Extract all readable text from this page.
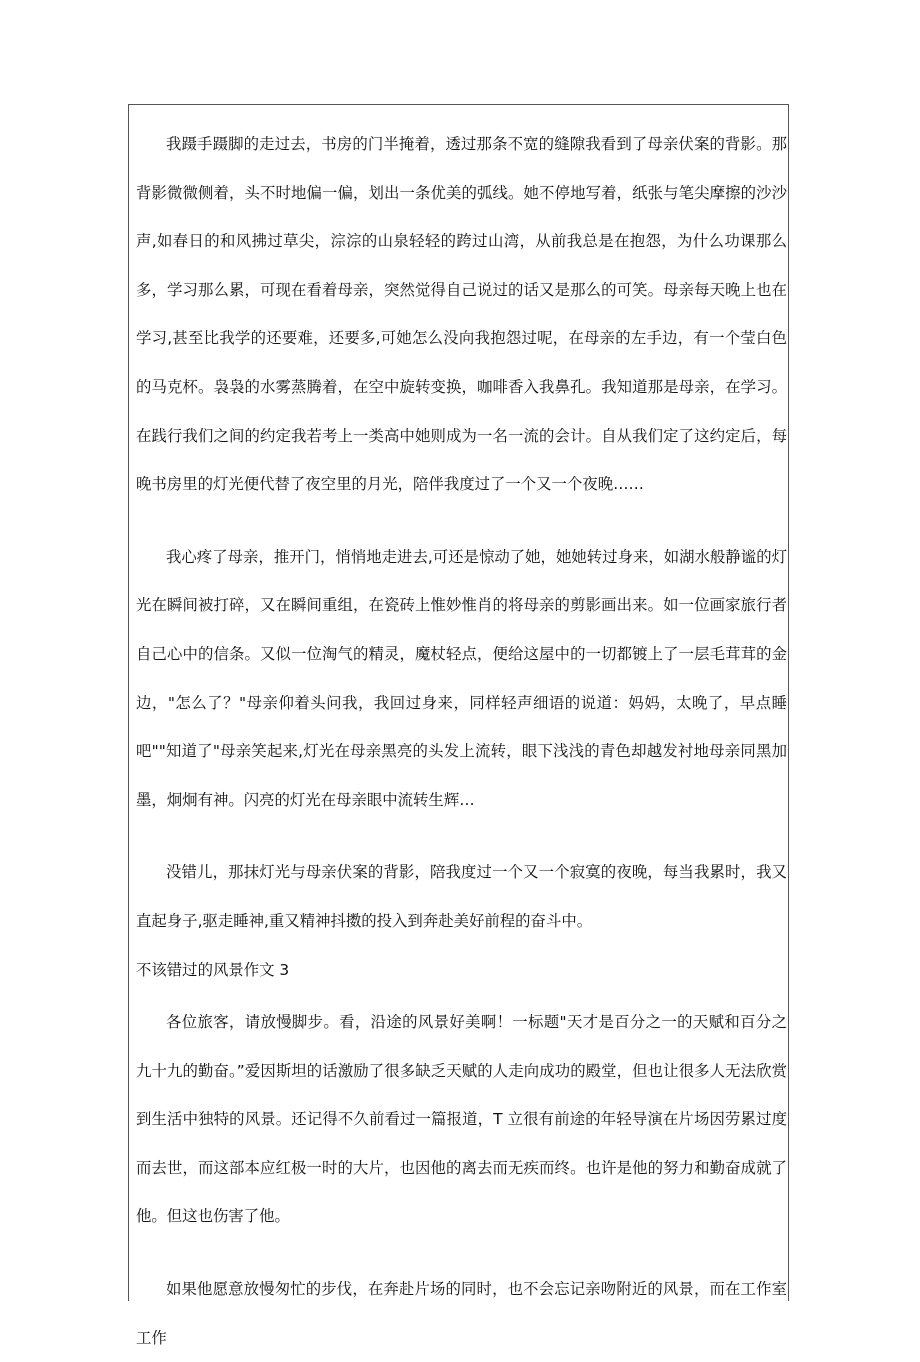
我蹑手蹑脚的走过去，书房的门半掩着，透过那条不宽的缝隙我看到了母亲伏案的背影。那背影微微侧着，头不时地偏一偏，划出一条优美的弧线。她不停地写着，纸张与笔尖摩擦的沙沙声,如春日的和风拂过草尖，淙淙的山泉轻轻的跨过山湾，从前我总是在抱怨，为什么功课那么多，学习那么累，可现在看着母亲，突然觉得自己说过的话又是那么的可笑。母亲每天晚上也在学习,甚至比我学的还要难，还要多,可她怎么没向我抱怨过呢，在母亲的左手边，有一个莹白色的马克杯。袅袅的水雾蒸腾着，在空中旋转变换，咖啡香入我鼻孔。我知道那是母亲，在学习。在践行我们之间的约定我若考上一类高中她则成为一名一流的会计。自从我们定了这约定后，每晚书房里的灯光便代替了夜空里的月光，陪伴我度过了一个又一个夜晚……

我心疼了母亲，推开门，悄悄地走进去,可还是惊动了她，她她转过身来，如湖水般静谧的灯光在瞬间被打碎，又在瞬间重组，在瓷砖上惟妙惟肖的将母亲的剪影画出来。如一位画家旅行者自己心中的信条。又似一位淘气的精灵，魔杖轻点，便给这屋中的一切都镀上了一层毛茸茸的金边，"怎么了？"母亲仰着头问我，我回过身来，同样轻声细语的说道：妈妈，太晚了，早点睡吧""知道了"母亲笑起来,灯光在母亲黑亮的头发上流转，眼下浅浅的青色却越发衬地母亲同黑加墨，炯炯有神。闪亮的灯光在母亲眼中流转生辉…

没错儿，那抹灯光与母亲伏案的背影，陪我度过一个又一个寂寞的夜晚，每当我累时，我又直起身子,驱走睡神,重又精神抖擞的投入到奔赴美好前程的奋斗中。

不该错过的风景作文 3

各位旅客，请放慢脚步。看，沿途的风景好美啊！一标题"天才是百分之一的天赋和百分之九十九的勤奋。”爱因斯坦的话激励了很多缺乏天赋的人走向成功的殿堂，但也让很多人无法欣赏到生活中独特的风景。还记得不久前看过一篇报道，T 立很有前途的年轻导演在片场因劳累过度而去世，而这部本应红极一时的大片，也因他的离去而无疾而终。也许是他的努力和勤奋成就了他。但这也伤害了他。

如果他愿意放慢匆忙的步伐，在奔赴片场的同时，也不会忘记亲吻附近的风景，而在工作室工作
